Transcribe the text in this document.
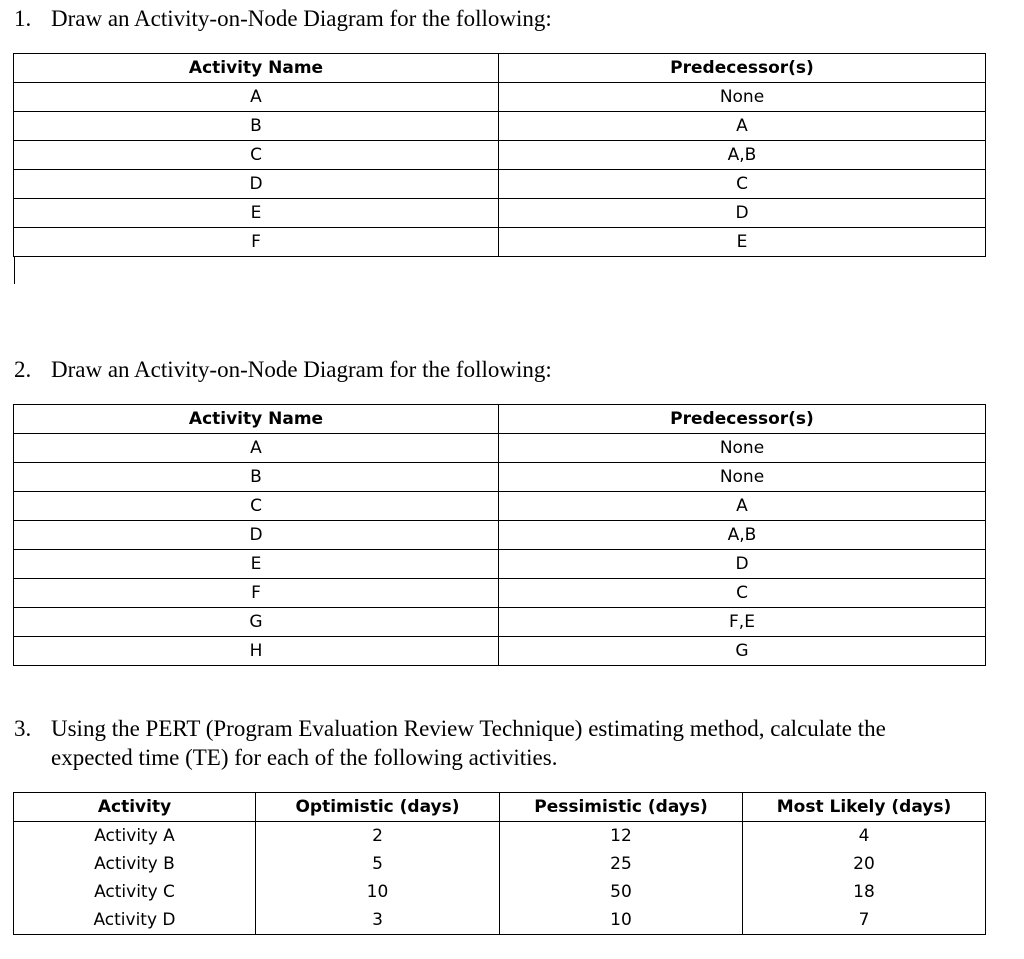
1. Draw an Activity-on-Node Diagram for the following:
Activity Name	Predecessor(s)
A	None
B	A
C	A,B
D	C
E	D
F	E
2. Draw an Activity-on-Node Diagram for the following:
Activity Name	Predecessor(s)
A	None
B	None
C	A
D	A,B
E	D
F	C
G	F,E
H	G
3. Using the PERT (Program Evaluation Review Technique) estimating method, calculate the
expected time (TE) for each of the following activities.
Activity	Optimistic (days)	Pessimistic (days)	Most Likely (days)
Activity A	2	12	4
Activity B	5	25	20
Activity C	10	50	18
Activity D	3	10	7
